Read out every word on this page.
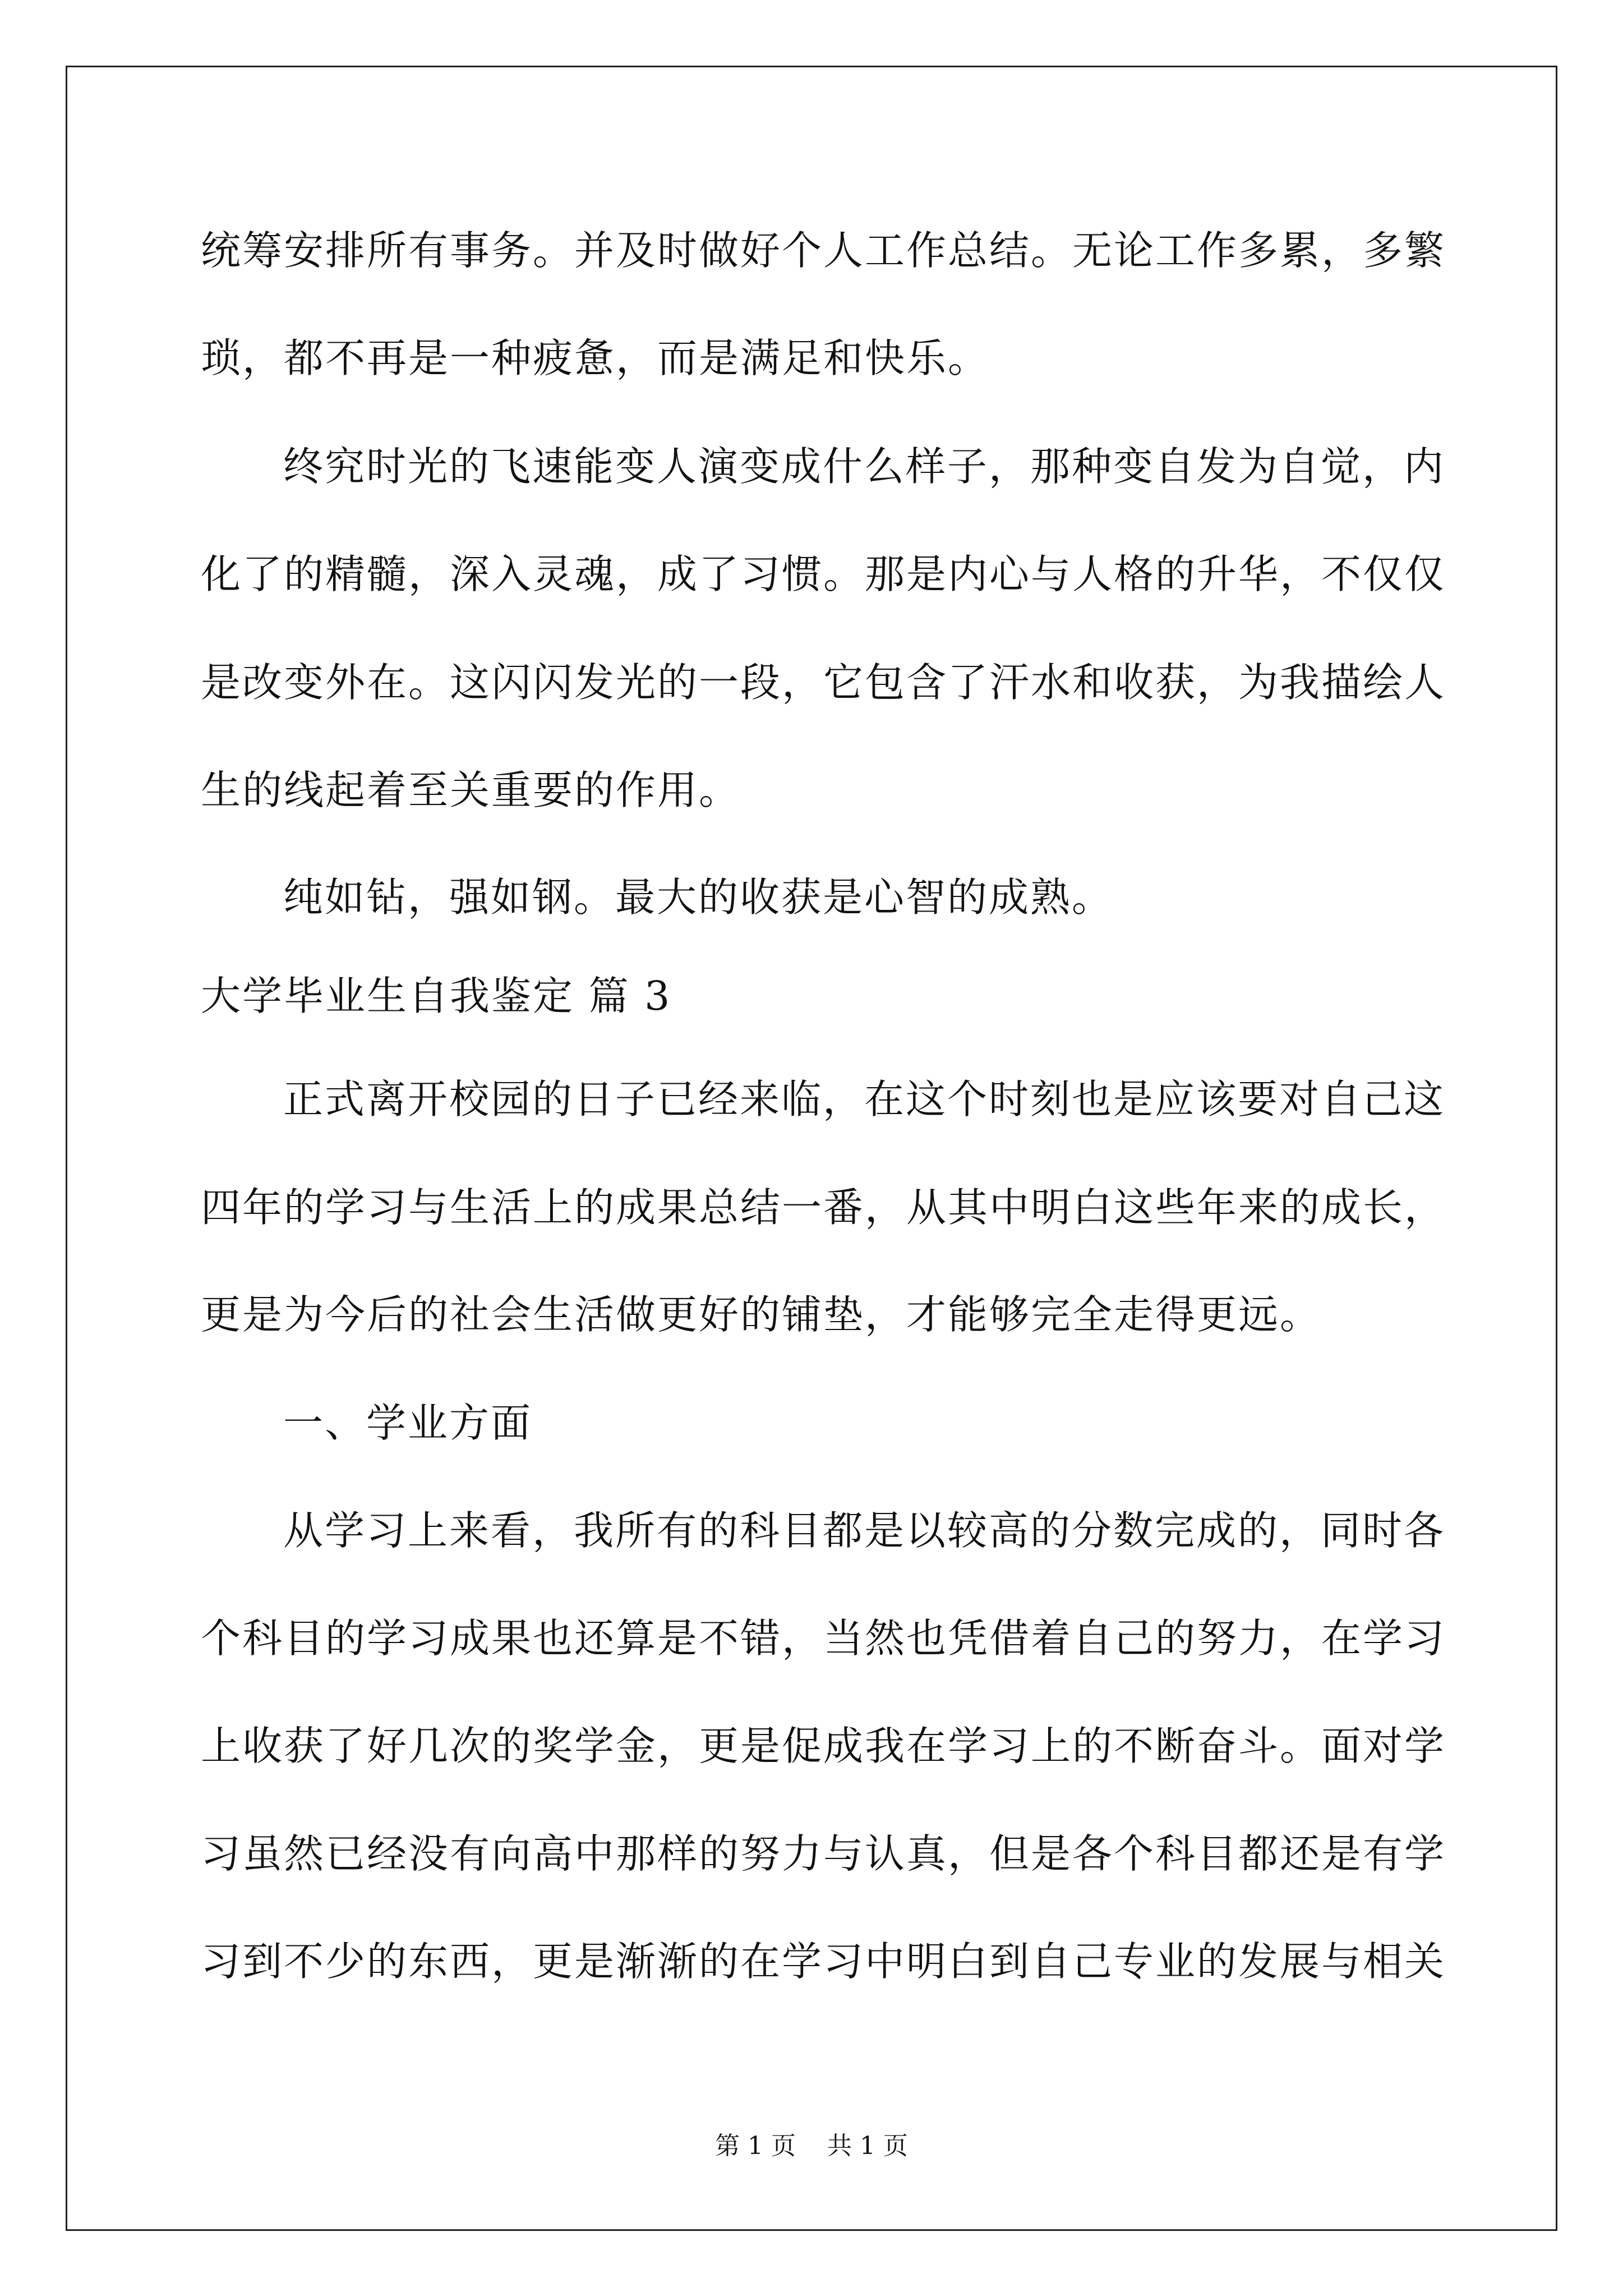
统筹安排所有事务。并及时做好个人工作总结。无论工作多累，多繁
琐，都不再是一种疲惫，而是满足和快乐。
终究时光的飞速能变人演变成什么样子，那种变自发为自觉，内
化了的精髓，深入灵魂，成了习惯。那是内心与人格的升华，不仅仅
是改变外在。这闪闪发光的一段，它包含了汗水和收获，为我描绘人
生的线起着至关重要的作用。
纯如钻，强如钢。最大的收获是心智的成熟。
大学毕业生自我鉴定 篇 3
正式离开校园的日子已经来临，在这个时刻也是应该要对自己这
四年的学习与生活上的成果总结一番，从其中明白这些年来的成长，
更是为今后的社会生活做更好的铺垫，才能够完全走得更远。
一、学业方面
从学习上来看，我所有的科目都是以较高的分数完成的，同时各
个科目的学习成果也还算是不错，当然也凭借着自己的努力，在学习
上收获了好几次的奖学金，更是促成我在学习上的不断奋斗。面对学
习虽然已经没有向高中那样的努力与认真，但是各个科目都还是有学
习到不少的东西，更是渐渐的在学习中明白到自己专业的发展与相关
第 1 页    共 1 页
